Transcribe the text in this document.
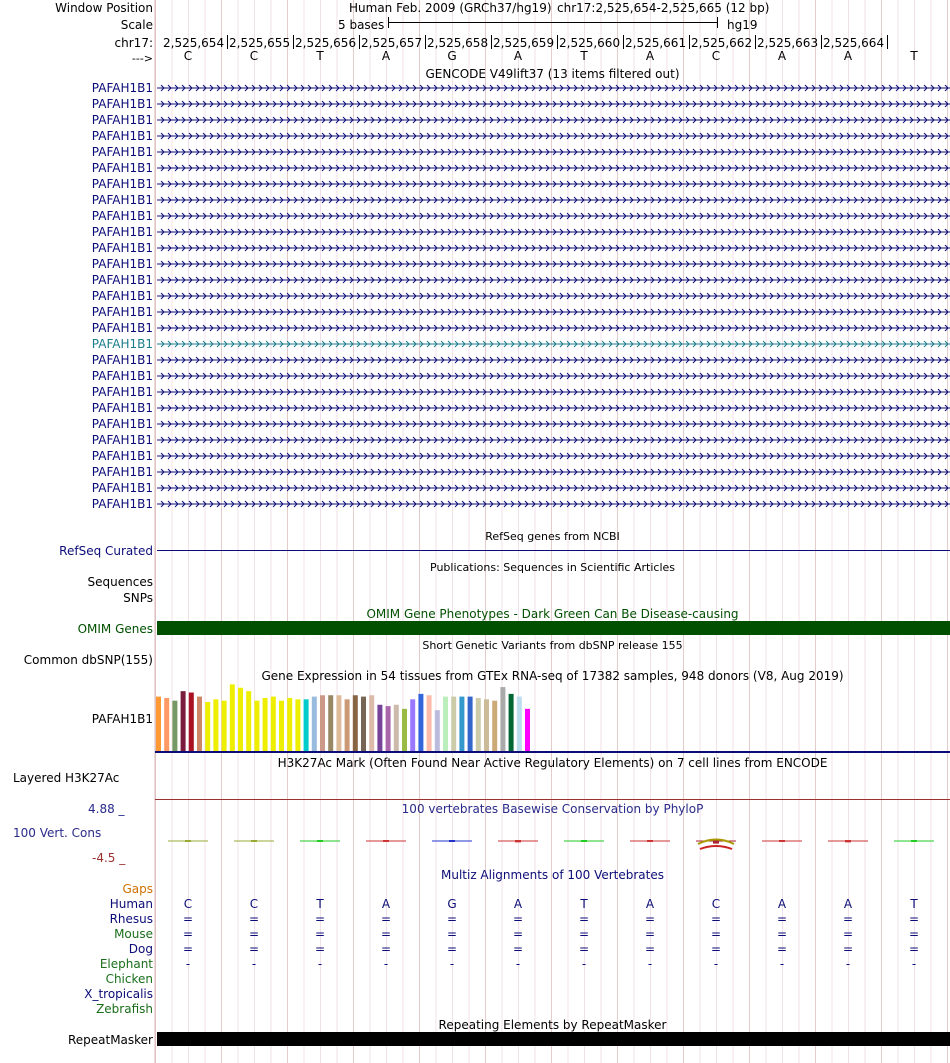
Window Position
Scale
chr17:
--->
Human Feb. 2009 (GRCh37/hg19) chr17:2,525,654-2,525,665 (12 bp)
5 bases	hg19
2,525,654 2,525,655 2,525,656 2,525,657 2,525,658 2,525,659 2,525,660 2,525,661 2,525,662 2,525,663 2,525,664
C	C	T	A	G	A	T	A	C	A	A	T
GENCODE V49lift37 (13 items filtered out)
PAFAH1B1
PAFAH1B1
PAFAH1B1
PAFAH1B1
PAFAH1B1
PAFAH1B1
PAFAH1B1
PAFAH1B1
PAFAH1B1
PAFAH1B1
PAFAH1B1
PAFAH1B1
PAFAH1B1
PAFAH1B1
PAFAH1B1
PAFAH1B1
PAFAH1B1
PAFAH1B1
PAFAH1B1
PAFAH1B1
PAFAH1B1
PAFAH1B1
PAFAH1B1
PAFAH1B1
PAFAH1B1
PAFAH1B1
PAFAH1B1
RefSeq genes from NCBI
RefSeq Curated
Publications: Sequences in Scientific Articles
Sequences
SNPs
OMIM Gene Phenotypes - Dark Green Can Be Disease-causing
OMIM Genes
Short Genetic Variants from dbSNP release 155
Common dbSNP(155)
Gene Expression in 54 tissues from GTEx RNA-seq of 17382 samples, 948 donors (V8, Aug 2019)
PAFAH1B1
H3K27Ac Mark (Often Found Near Active Regulatory Elements) on 7 cell lines from ENCODE
Layered H3K27Ac
100 vertebrates Basewise Conservation by PhyloP
4.88 _
100 Vert. Cons
-4.5 _
Multiz Alignments of 100 Vertebrates
Gaps
Human	C	C	T	A	G	A	T	A	C	A	A	T
Rhesus	=	=	=	=	=	=	=	=	=	=	=	=
Mouse	=	=	=	=	=	=	=	=	=	=	=	=
Dog	=	=	=	=	=	=	=	=	=	=	=	=
Elephant	-	-	-	-	-	-	-	-	-	-	-	-
Chicken
X_tropicalis
Zebrafish
Repeating Elements by RepeatMasker
RepeatMasker
